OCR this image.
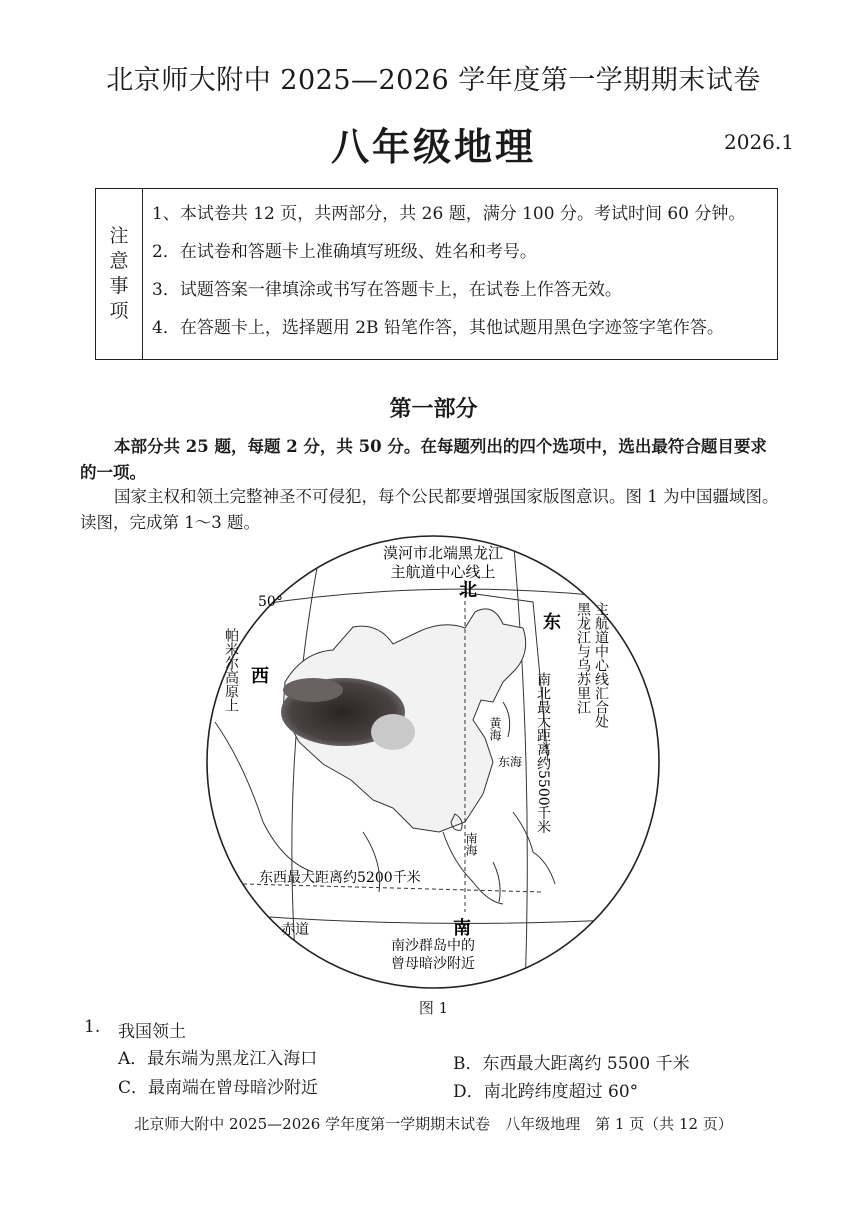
北京师大附中 2025—2026 学年度第一学期期末试卷
八年级地理	2026.1
注
意
事
项
1、本试卷共 12 页，共两部分，共 26 题，满分 100 分。考试时间 60 分钟。
2．在试卷和答题卡上准确填写班级、姓名和考号。
3．试题答案一律填涂或书写在答题卡上，在试卷上作答无效。
4．在答题卡上，选择题用 2B 铅笔作答，其他试题用黑色字迹签字笔作答。
第一部分
本部分共 25 题，每题 2 分，共 50 分。在每题列出的四个选项中，选出最符合题目要求的一项。
国家主权和领土完整神圣不可侵犯，每个公民都要增强国家版图意识。图 1 为中国疆域图。读图，完成第 1～3 题。
漠河市北端黑龙江
主航道中心线上
北
东
西
南
50°
帕米尔高原上	黑龙江与乌苏里江 主航道中心线汇合处
南北最大距离约5500千米
东西最大距离约5200千米
赤道
南沙群岛中的
曾母暗沙附近
黄海
东海
南海
图 1
1. 我国领土
A．最东端为黑龙江入海口	B．东西最大距离约 5500 千米
C．最南端在曾母暗沙附近	D．南北跨纬度超过 60°
北京师大附中 2025—2026 学年度第一学期期末试卷　八年级地理　第 1 页（共 12 页）
